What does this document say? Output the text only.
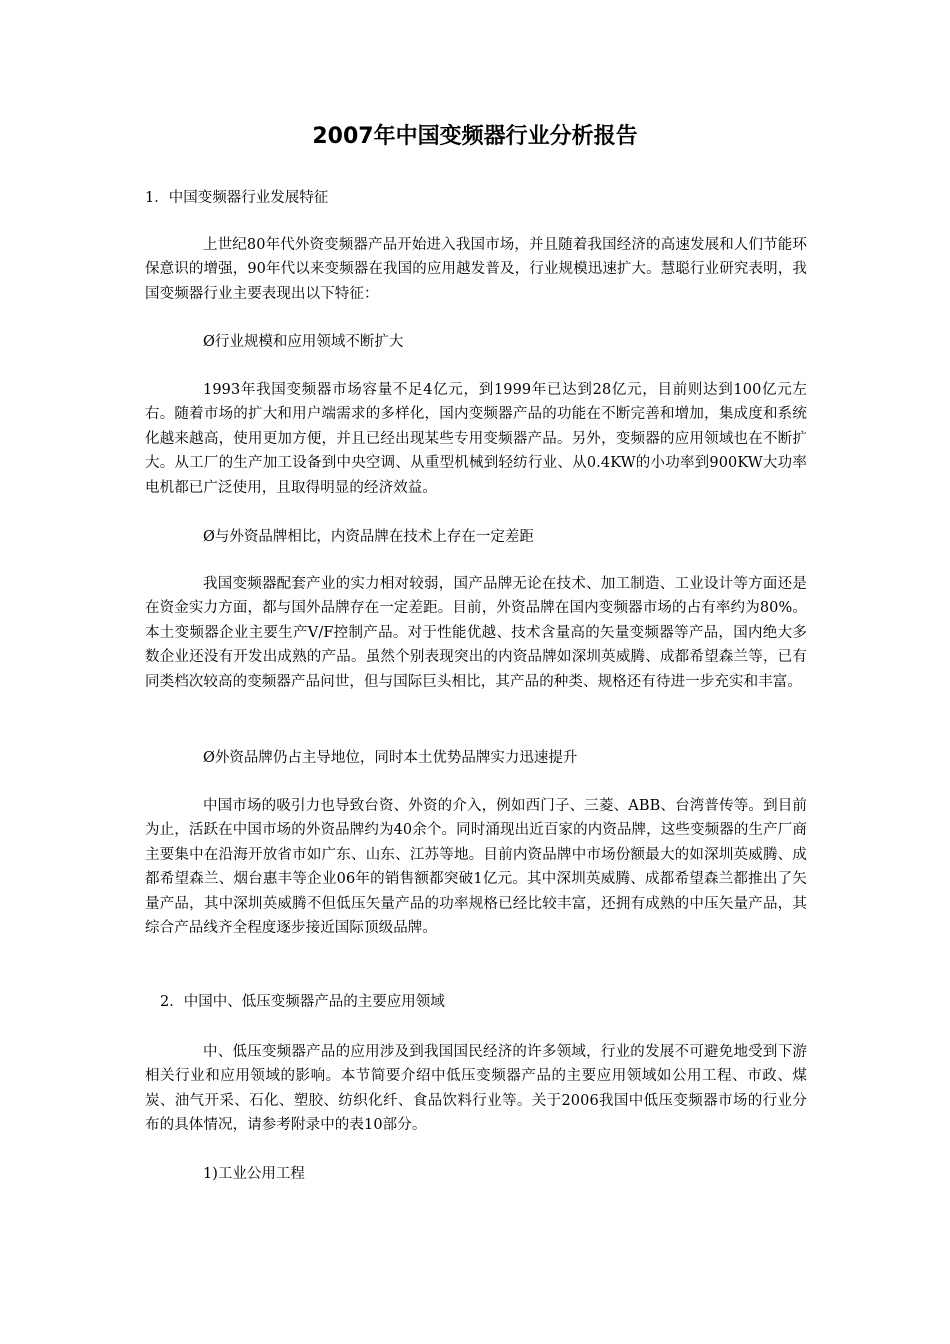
2007年中国变频器行业分析报告

1．中国变频器行业发展特征

上世纪80年代外资变频器产品开始进入我国市场，并且随着我国经济的高速发展和人们节能环保意识的增强，90年代以来变频器在我国的应用越发普及，行业规模迅速扩大。慧聪行业研究表明，我国变频器行业主要表现出以下特征：

Ø行业规模和应用领域不断扩大

1993年我国变频器市场容量不足4亿元，到1999年已达到28亿元，目前则达到100亿元左右。随着市场的扩大和用户端需求的多样化，国内变频器产品的功能在不断完善和增加，集成度和系统化越来越高，使用更加方便，并且已经出现某些专用变频器产品。另外，变频器的应用领域也在不断扩大。从工厂的生产加工设备到中央空调、从重型机械到轻纺行业、从0.4KW的小功率到900KW大功率电机都已广泛使用，且取得明显的经济效益。

Ø与外资品牌相比，内资品牌在技术上存在一定差距

我国变频器配套产业的实力相对较弱，国产品牌无论在技术、加工制造、工业设计等方面还是在资金实力方面，都与国外品牌存在一定差距。目前，外资品牌在国内变频器市场的占有率约为80%。本土变频器企业主要生产V/F控制产品。对于性能优越、技术含量高的矢量变频器等产品，国内绝大多数企业还没有开发出成熟的产品。虽然个别表现突出的内资品牌如深圳英威腾、成都希望森兰等，已有同类档次较高的变频器产品问世，但与国际巨头相比，其产品的种类、规格还有待进一步充实和丰富。

Ø外资品牌仍占主导地位，同时本土优势品牌实力迅速提升

中国市场的吸引力也导致台资、外资的介入，例如西门子、三菱、ABB、台湾普传等。到目前为止，活跃在中国市场的外资品牌约为40余个。同时涌现出近百家的内资品牌，这些变频器的生产厂商主要集中在沿海开放省市如广东、山东、江苏等地。目前内资品牌中市场份额最大的如深圳英威腾、成都希望森兰、烟台惠丰等企业06年的销售额都突破1亿元。其中深圳英威腾、成都希望森兰都推出了矢量产品，其中深圳英威腾不但低压矢量产品的功率规格已经比较丰富，还拥有成熟的中压矢量产品，其综合产品线齐全程度逐步接近国际顶级品牌。

2．中国中、低压变频器产品的主要应用领域

中、低压变频器产品的应用涉及到我国国民经济的许多领域，行业的发展不可避免地受到下游相关行业和应用领域的影响。本节简要介绍中低压变频器产品的主要应用领域如公用工程、市政、煤炭、油气开采、石化、塑胶、纺织化纤、食品饮料行业等。关于2006我国中低压变频器市场的行业分布的具体情况，请参考附录中的表10部分。

1)工业公用工程
